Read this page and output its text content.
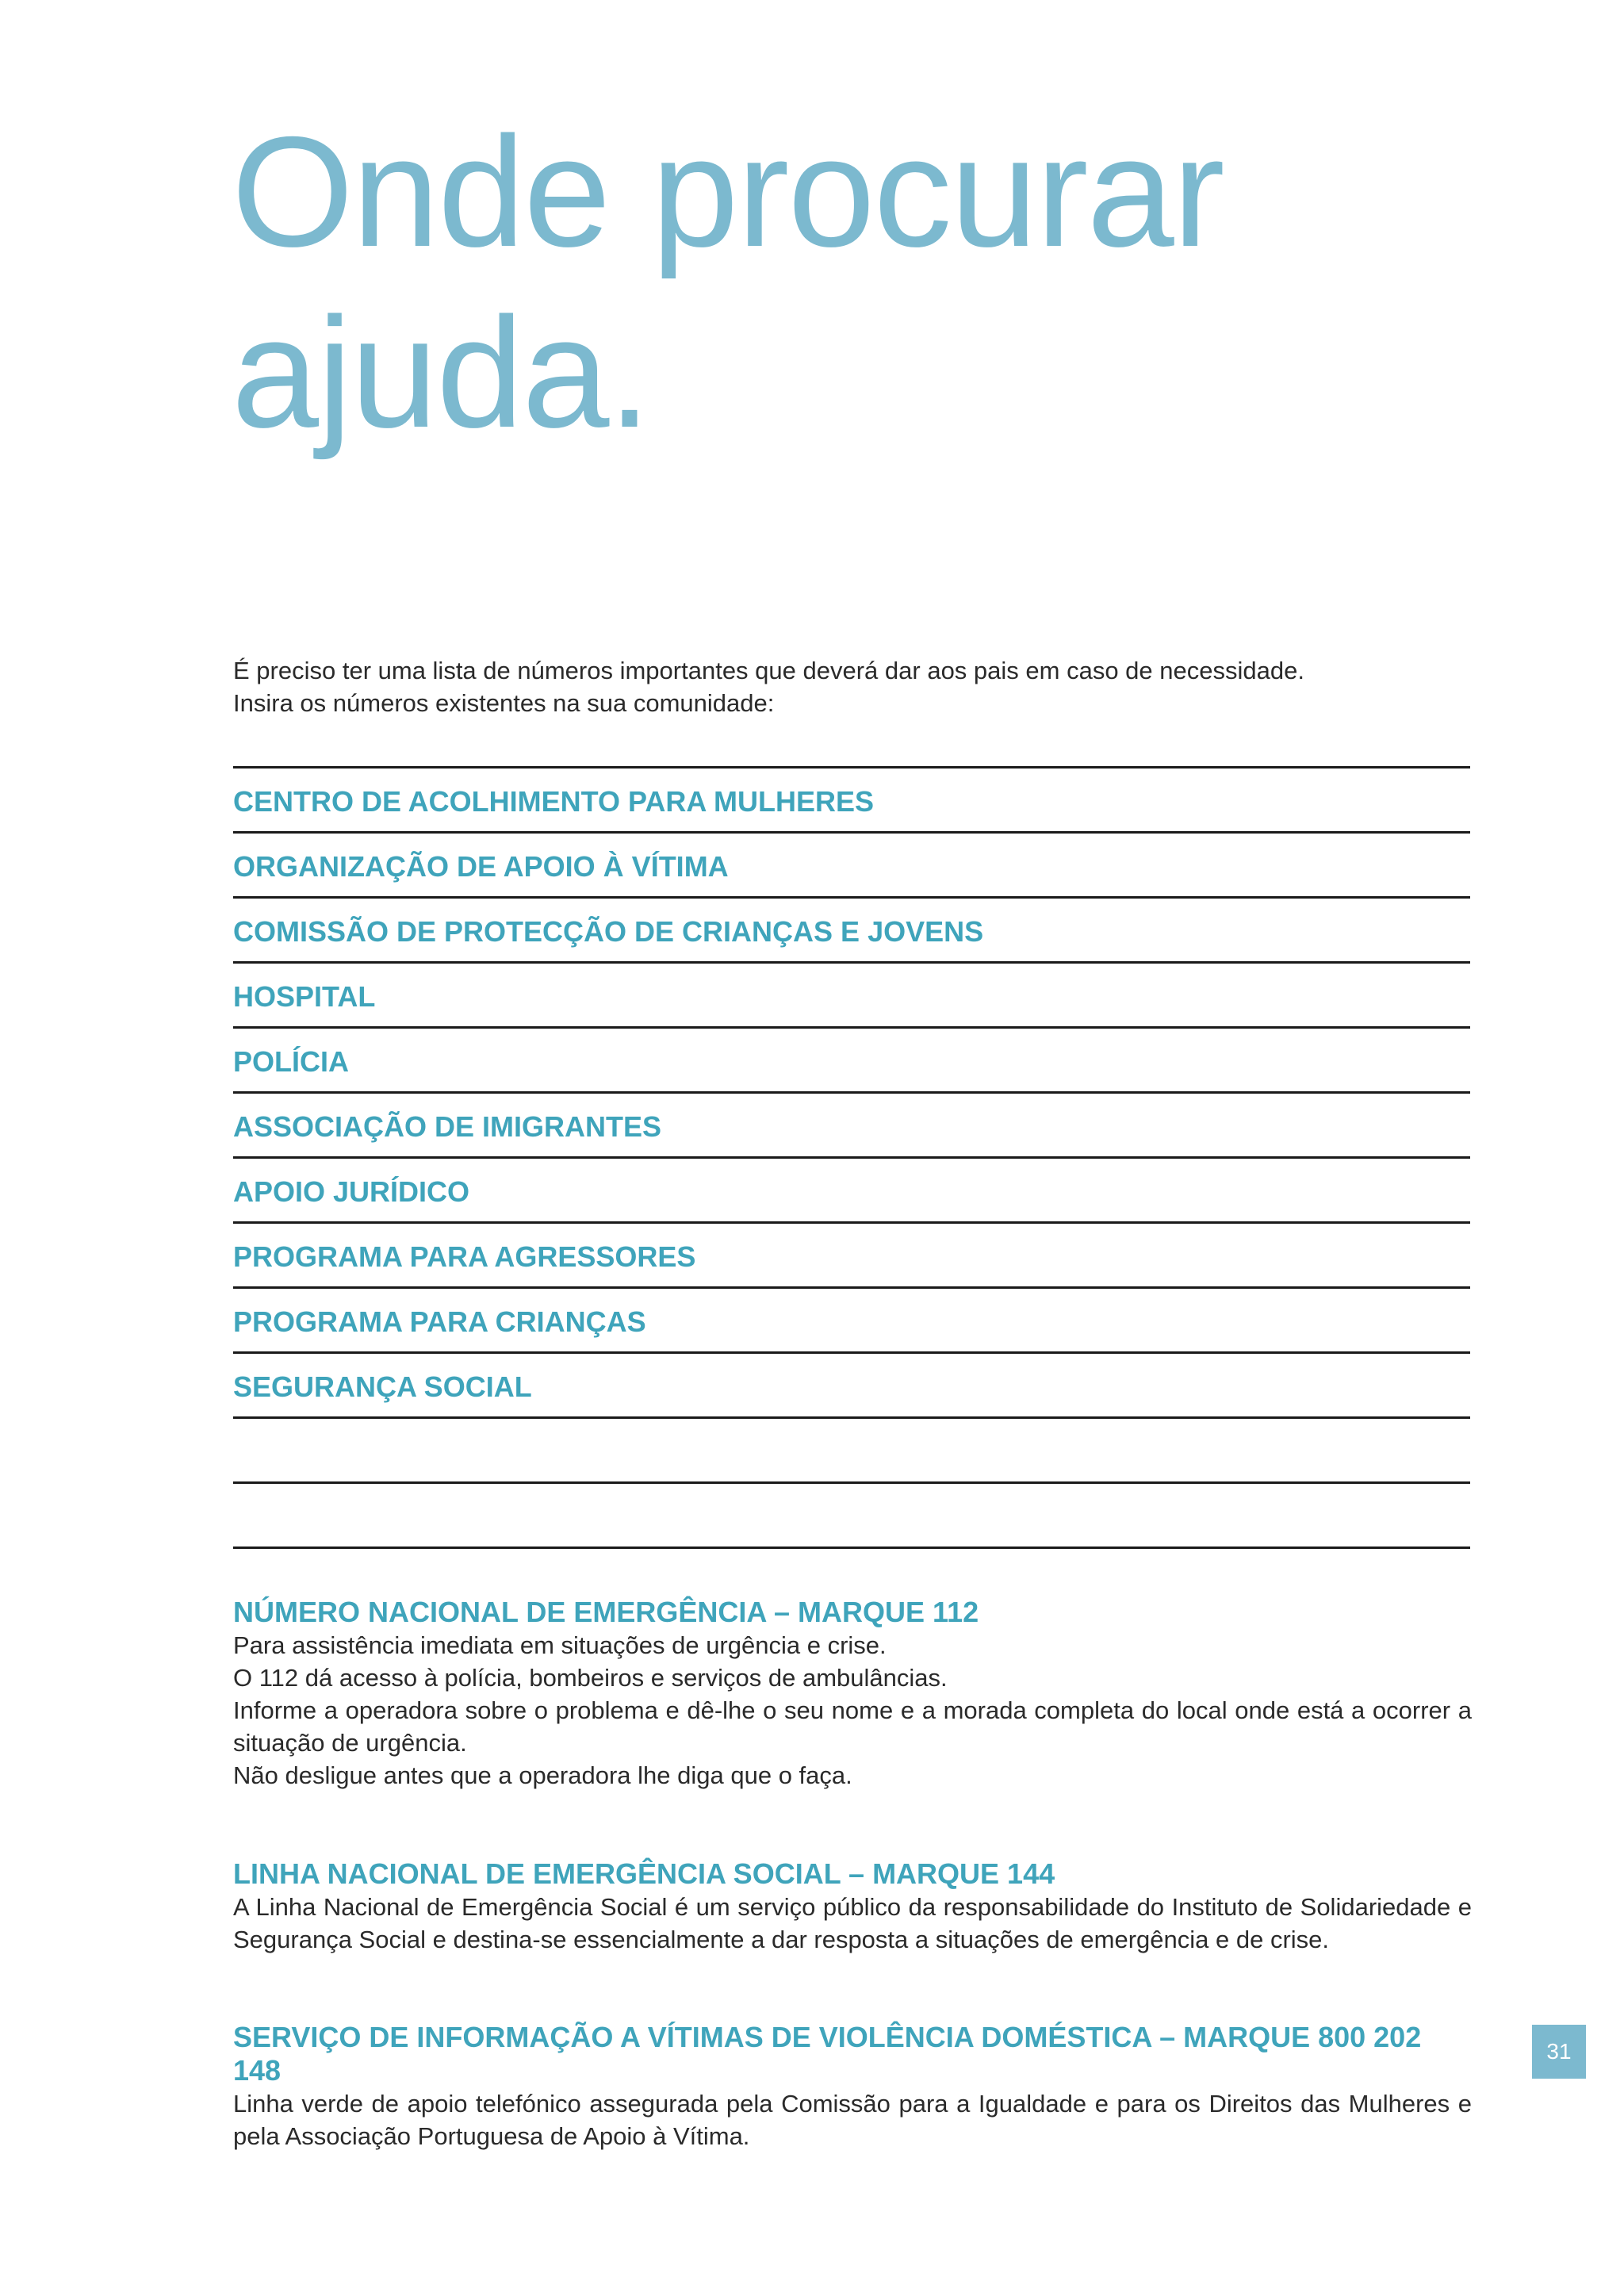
Onde procurar
ajuda.
É preciso ter uma lista de números importantes que deverá dar aos pais em caso de necessidade.
Insira os números existentes na sua comunidade:
CENTRO DE ACOLHIMENTO PARA MULHERES
ORGANIZAÇÃO DE APOIO À VÍTIMA
COMISSÃO DE PROTECÇÃO DE CRIANÇAS E JOVENS
HOSPITAL
POLÍCIA
ASSOCIAÇÃO DE IMIGRANTES
APOIO JURÍDICO
PROGRAMA PARA AGRESSORES
PROGRAMA PARA CRIANÇAS
SEGURANÇA SOCIAL
NÚMERO NACIONAL DE EMERGÊNCIA – MARQUE 112

Para assistência imediata em situações de urgência e crise.

O 112 dá acesso à polícia, bombeiros e serviços de ambulâncias.

Informe a operadora sobre o problema e dê-lhe o seu nome e a morada completa do local onde está a ocorrer a situação de urgência.

Não desligue antes que a operadora lhe diga que o faça.

LINHA NACIONAL DE EMERGÊNCIA SOCIAL – MARQUE 144

A Linha Nacional de Emergência Social é um serviço público da responsabilidade do Instituto de Solidariedade e Segurança Social e destina-se essencialmente a dar resposta a situações de emergência e de crise.

SERVIÇO DE INFORMAÇÃO A VÍTIMAS DE VIOLÊNCIA DOMÉSTICA – MARQUE 800 202 148

Linha verde de apoio telefónico assegurada pela Comissão para a Igualdade e para os Direitos das Mulheres e pela Associação Portuguesa de Apoio à Vítima.

31
